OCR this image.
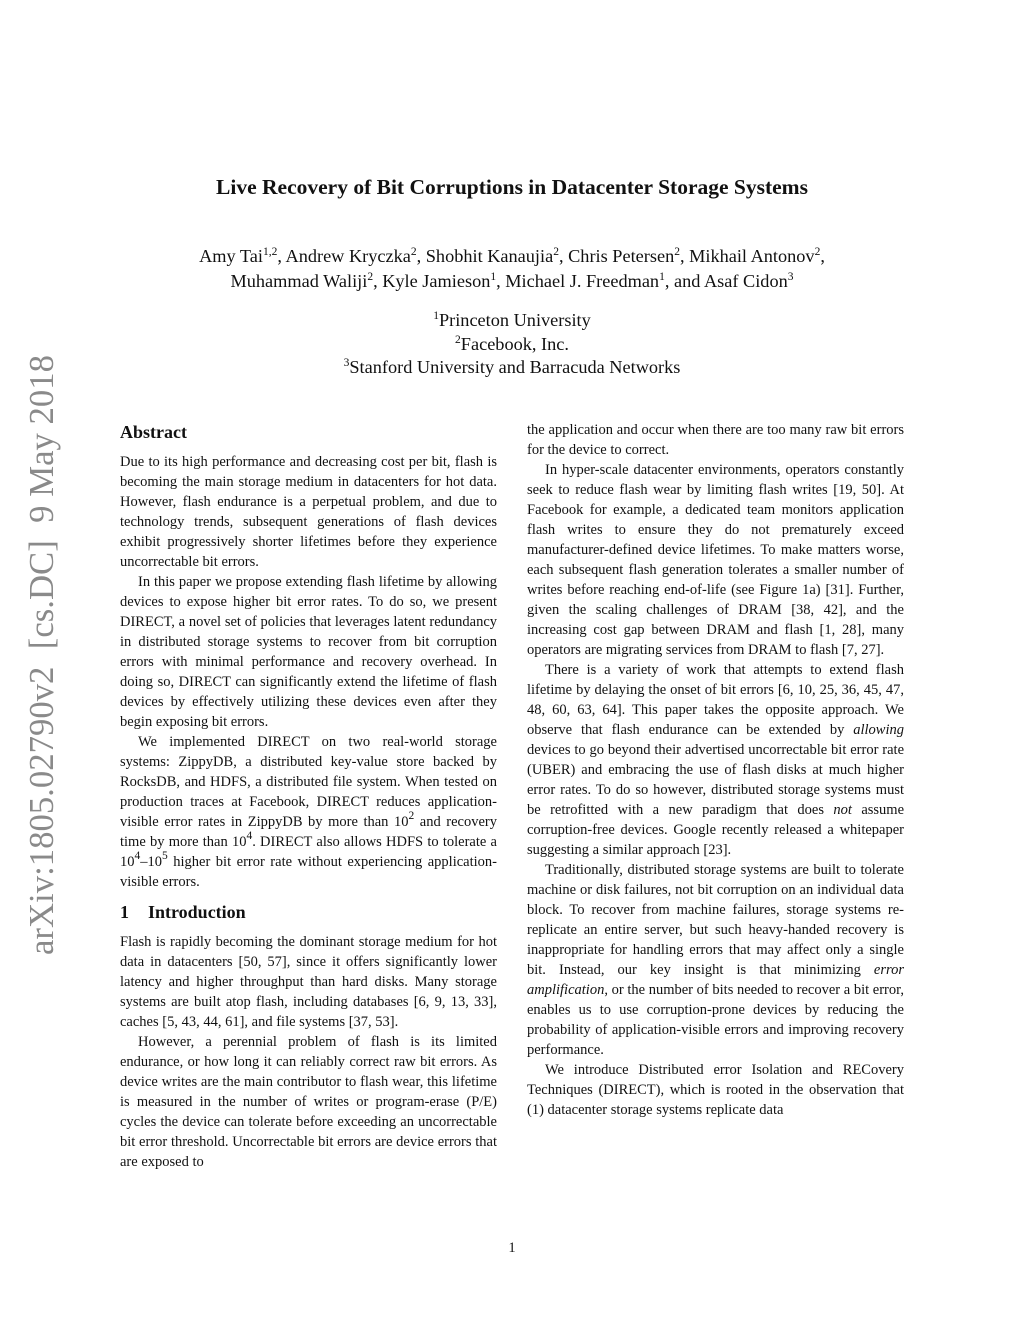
arXiv:1805.02790v2  [cs.DC]  9 May 2018
Live Recovery of Bit Corruptions in Datacenter Storage Systems
Amy Tai$^{1,2}$, Andrew Kryczka$^2$, Shobhit Kanaujia$^2$, Chris Petersen$^2$, Mikhail Antonov$^2$,
Muhammad Waliji$^2$, Kyle Jamieson$^1$, Michael J. Freedman$^1$, and Asaf Cidon$^3$
$^1$Princeton University
$^2$Facebook, Inc.
$^3$Stanford University and Barracuda Networks
Abstract

Due to its high performance and decreasing cost per bit, flash is becoming the main storage medium in datacenters for hot data. However, flash endurance is a perpetual problem, and due to technology trends, subsequent generations of flash devices exhibit progressively shorter lifetimes before they experience uncorrectable bit errors.

In this paper we propose extending flash lifetime by allowing devices to expose higher bit error rates. To do so, we present DIRECT, a novel set of policies that leverages latent redundancy in distributed storage systems to recover from bit corruption errors with minimal performance and recovery overhead. In doing so, DIRECT can significantly extend the lifetime of flash devices by effectively utilizing these devices even after they begin exposing bit errors.

We implemented DIRECT on two real-world storage systems: ZippyDB, a distributed key-value store backed by RocksDB, and HDFS, a distributed file system. When tested on production traces at Facebook, DIRECT reduces application-visible error rates in ZippyDB by more than $10^2$ and recovery time by more than $10^4$. DIRECT also allows HDFS to tolerate a $10^4-10^5$ higher bit error rate without experiencing application-visible errors.

1 Introduction

Flash is rapidly becoming the dominant storage medium for hot data in datacenters [50, 57], since it offers significantly lower latency and higher throughput than hard disks. Many storage systems are built atop flash, including databases [6, 9, 13, 33], caches [5, 43, 44, 61], and file systems [37, 53].

However, a perennial problem of flash is its limited endurance, or how long it can reliably correct raw bit errors. As device writes are the main contributor to flash wear, this lifetime is measured in the number of writes or program-erase (P/E) cycles the device can tolerate before exceeding an uncorrectable bit error threshold. Uncorrectable bit errors are device errors that are exposed to

the application and occur when there are too many raw bit errors for the device to correct.

In hyper-scale datacenter environments, operators constantly seek to reduce flash wear by limiting flash writes [19, 50]. At Facebook for example, a dedicated team monitors application flash writes to ensure they do not prematurely exceed manufacturer-defined device lifetimes. To make matters worse, each subsequent flash generation tolerates a smaller number of writes before reaching end-of-life (see Figure 1a) [31]. Further, given the scaling challenges of DRAM [38, 42], and the increasing cost gap between DRAM and flash [1, 28], many operators are migrating services from DRAM to flash [7, 27].

There is a variety of work that attempts to extend flash lifetime by delaying the onset of bit errors [6, 10, 25, 36, 45, 47, 48, 60, 63, 64]. This paper takes the opposite approach. We observe that flash endurance can be extended by allowing devices to go beyond their advertised uncorrectable bit error rate (UBER) and embracing the use of flash disks at much higher error rates. To do so however, distributed storage systems must be retrofitted with a new paradigm that does not assume corruption-free devices. Google recently released a whitepaper suggesting a similar approach [23].

Traditionally, distributed storage systems are built to tolerate machine or disk failures, not bit corruption on an individual data block. To recover from machine failures, storage systems re-replicate an entire server, but such heavy-handed recovery is inappropriate for handling errors that may affect only a single bit. Instead, our key insight is that minimizing error amplification, or the number of bits needed to recover a bit error, enables us to use corruption-prone devices by reducing the probability of application-visible errors and improving recovery performance.

We introduce Distributed error Isolation and RECovery Techniques (DIRECT), which is rooted in the observation that (1) datacenter storage systems replicate data

1
